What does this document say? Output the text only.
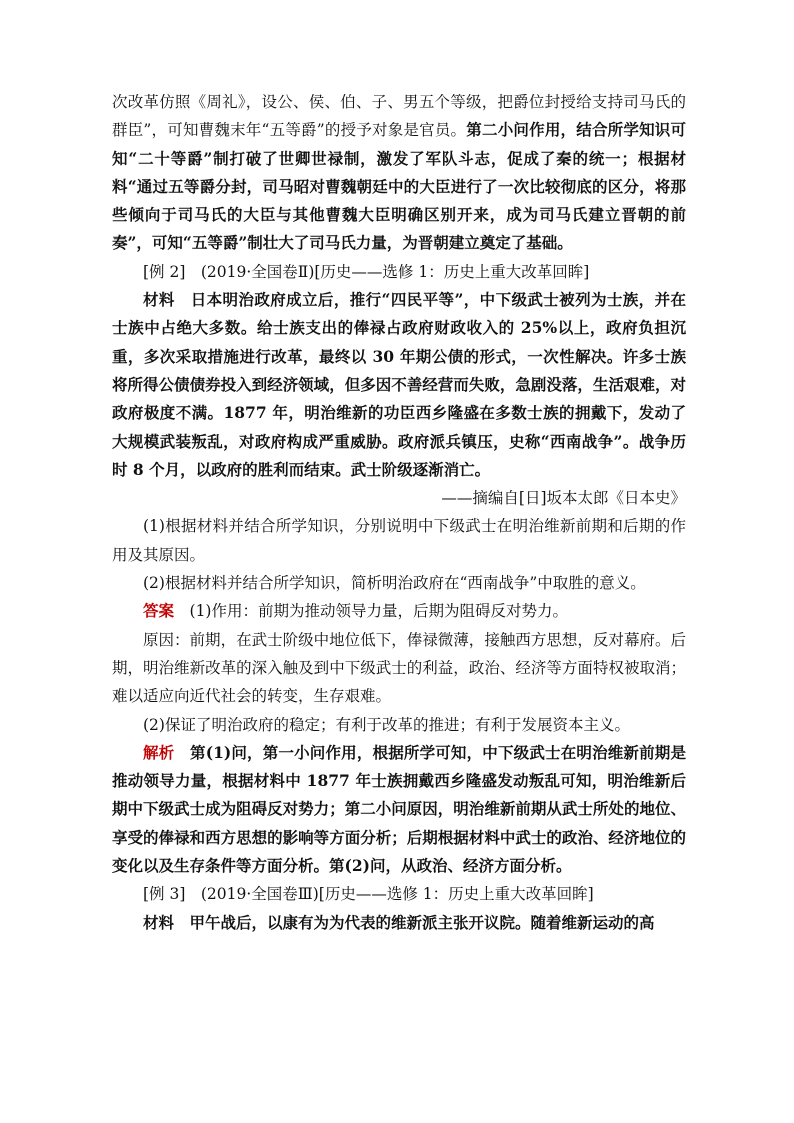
次改革仿照《周礼》，设公、侯、伯、子、男五个等级，把爵位封授给支持司马氏的群臣”，可知曹魏末年“五等爵”的授予对象是官员。第二小问作用，结合所学知识可知“二十等爵”制打破了世卿世禄制，激发了军队斗志，促成了秦的统一；根据材料“通过五等爵分封，司马昭对曹魏朝廷中的大臣进行了一次比较彻底的区分，将那些倾向于司马氏的大臣与其他曹魏大臣明确区别开来，成为司马氏建立晋朝的前奏”，可知“五等爵”制壮大了司马氏力量，为晋朝建立奠定了基础。

[例 2]　(2019·全国卷Ⅱ)[历史——选修 1：历史上重大改革回眸]

材料　日本明治政府成立后，推行“四民平等”，中下级武士被列为士族，并在士族中占绝大多数。给士族支出的俸禄占政府财政收入的 25%以上，政府负担沉重，多次采取措施进行改革，最终以 30 年期公债的形式，一次性解决。许多士族将所得公债债券投入到经济领域，但多因不善经营而失败，急剧没落，生活艰难，对政府极度不满。1877 年，明治维新的功臣西乡隆盛在多数士族的拥戴下，发动了大规模武装叛乱，对政府构成严重威胁。政府派兵镇压，史称“西南战争”。战争历时 8 个月，以政府的胜利而结束。武士阶级逐渐消亡。

——摘编自[日]坂本太郎《日本史》

(1)根据材料并结合所学知识，分别说明中下级武士在明治维新前期和后期的作用及其原因。

(2)根据材料并结合所学知识，简析明治政府在“西南战争”中取胜的意义。

答案　(1)作用：前期为推动领导力量，后期为阻碍反对势力。

原因：前期，在武士阶级中地位低下，俸禄微薄，接触西方思想，反对幕府。后期，明治维新改革的深入触及到中下级武士的利益，政治、经济等方面特权被取消；难以适应向近代社会的转变，生存艰难。

(2)保证了明治政府的稳定；有利于改革的推进；有利于发展资本主义。

解析　第(1)问，第一小问作用，根据所学可知，中下级武士在明治维新前期是推动领导力量，根据材料中 1877 年士族拥戴西乡隆盛发动叛乱可知，明治维新后期中下级武士成为阻碍反对势力；第二小问原因，明治维新前期从武士所处的地位、享受的俸禄和西方思想的影响等方面分析；后期根据材料中武士的政治、经济地位的变化以及生存条件等方面分析。第(2)问，从政治、经济方面分析。

[例 3]　(2019·全国卷Ⅲ)[历史——选修 1：历史上重大改革回眸]

材料　甲午战后，以康有为为代表的维新派主张开议院。随着维新运动的高
